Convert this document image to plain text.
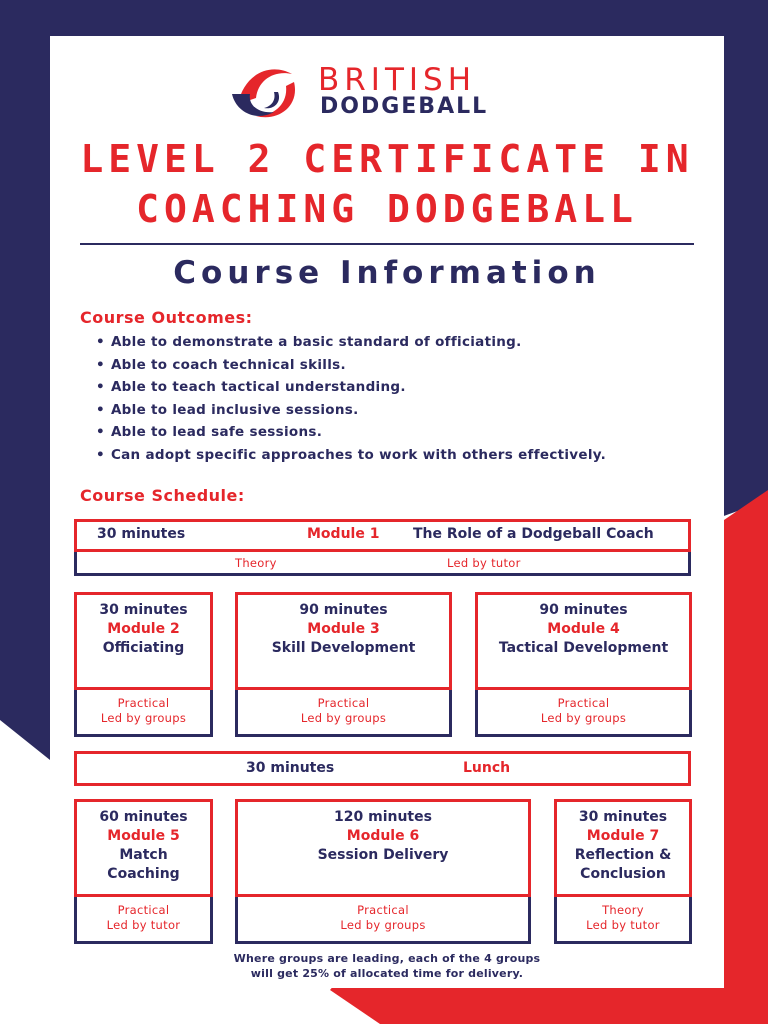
BRITISH
DODGEBALL
LEVEL 2 CERTIFICATE IN
COACHING DODGEBALL
Course Information
Course Outcomes:
• Able to demonstrate a basic standard of officiating.
• Able to coach technical skills.
• Able to teach tactical understanding.
• Able to lead inclusive sessions.
• Able to lead safe sessions.
• Can adopt specific approaches to work with others effectively.
Course Schedule:
30 minutes	Module 1 The Role of a Dodgeball Coach
Theory	Led by tutor
30 minutes
Module 2
Officiating
Practical
Led by groups
90 minutes
Module 3
Skill Development
Practical
Led by groups
90 minutes
Module 4
Tactical Development
Practical
Led by groups
30 minutes	Lunch
60 minutes
Module 5
Match
Coaching
Practical
Led by tutor
120 minutes
Module 6
Session Delivery
Practical
Led by groups
30 minutes
Module 7
Reflection &
Conclusion
Theory
Led by tutor
Where groups are leading, each of the 4 groups
will get 25% of allocated time for delivery.
